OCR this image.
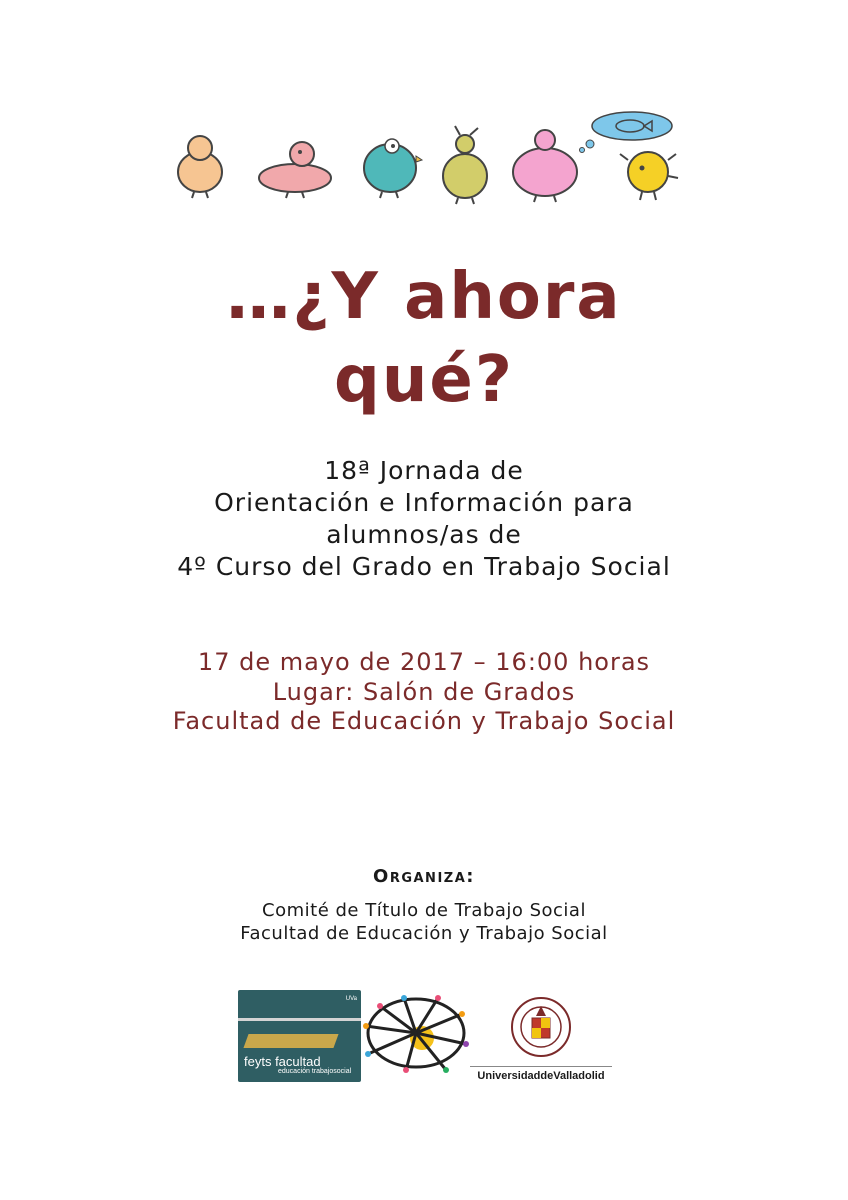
…¿Y ahora
qué?
18ª Jornada de
Orientación e Información para
alumnos/as de
4º Curso del Grado en Trabajo Social
17 de mayo de 2017 – 16:00 horas
Lugar: Salón de Grados
Facultad de Educación y Trabajo Social
Organiza:
Comité de Título de Trabajo Social
Facultad de Educación y Trabajo Social
UVa
feyts facultad
educación trabajosocial	UniversidaddeValladolid
